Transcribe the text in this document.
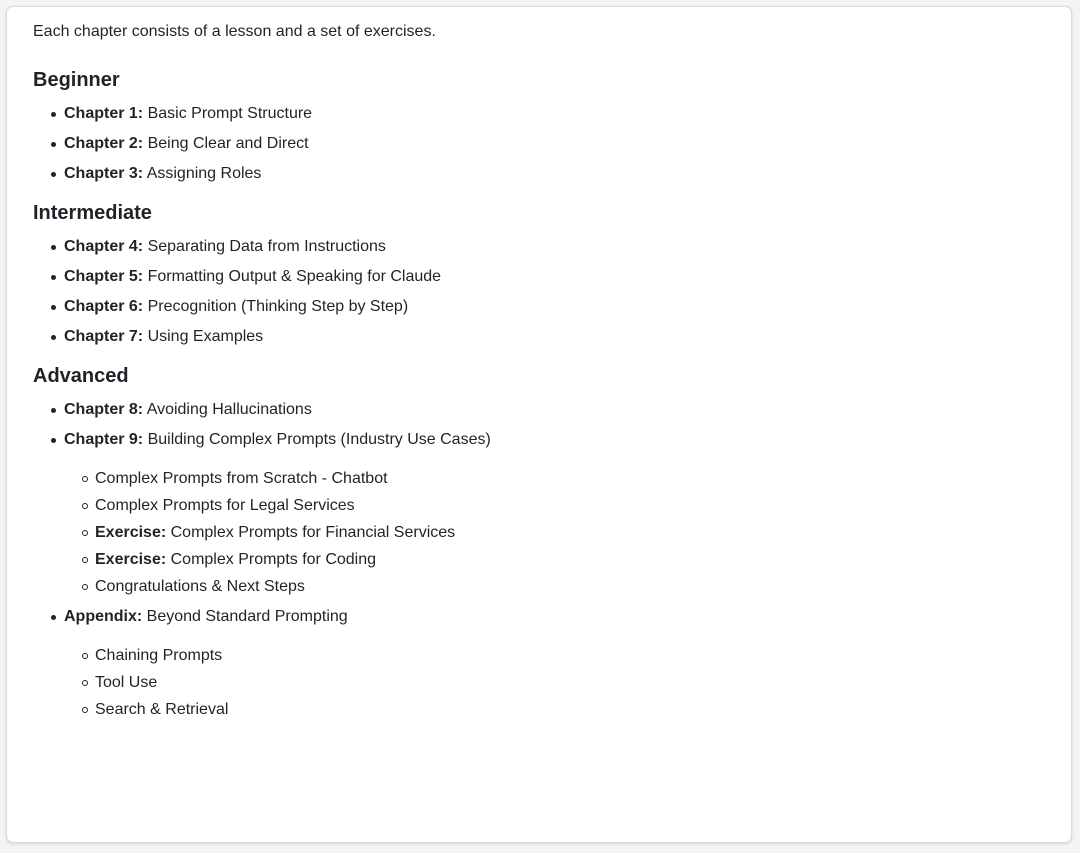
Each chapter consists of a lesson and a set of exercises.

Beginner
Chapter 1: Basic Prompt Structure
Chapter 2: Being Clear and Direct
Chapter 3: Assigning Roles
Intermediate
Chapter 4: Separating Data from Instructions
Chapter 5: Formatting Output & Speaking for Claude
Chapter 6: Precognition (Thinking Step by Step)
Chapter 7: Using Examples
Advanced
Chapter 8: Avoiding Hallucinations
Chapter 9: Building Complex Prompts (Industry Use Cases)
Complex Prompts from Scratch - Chatbot
Complex Prompts for Legal Services
Exercise: Complex Prompts for Financial Services
Exercise: Complex Prompts for Coding
Congratulations & Next Steps
Appendix: Beyond Standard Prompting
Chaining Prompts
Tool Use
Search & Retrieval
